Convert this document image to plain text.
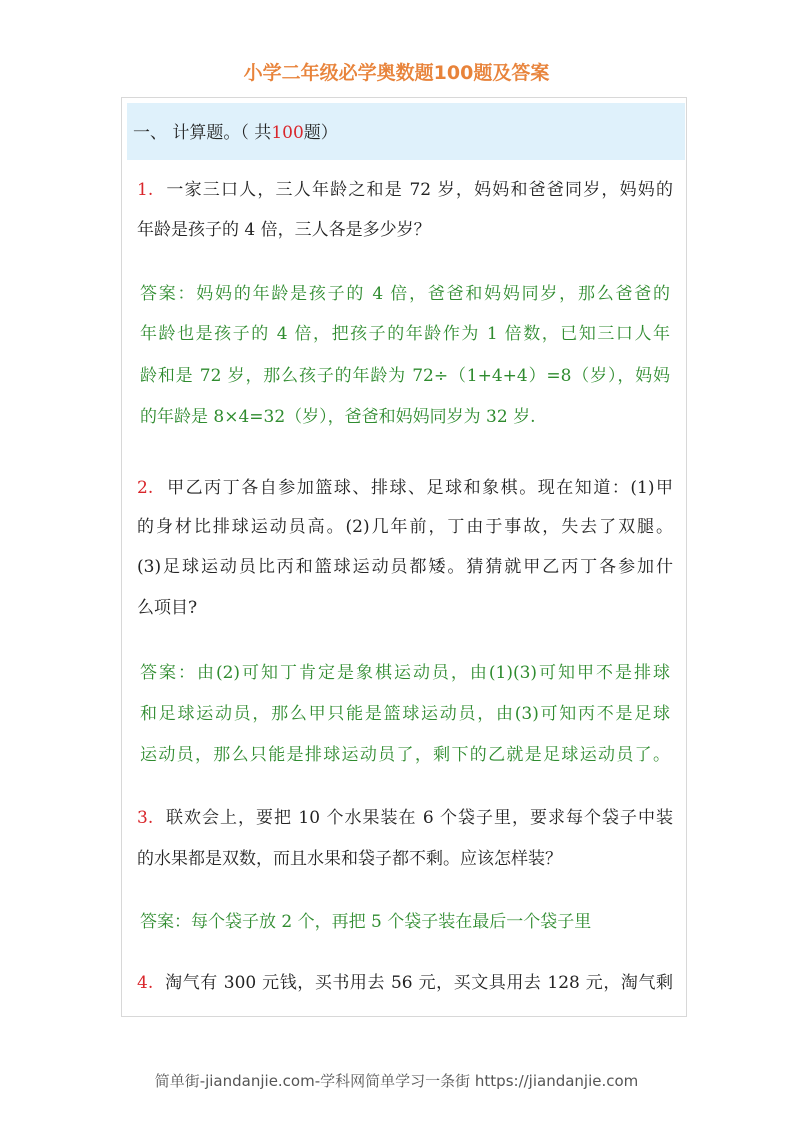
小学二年级必学奥数题100题及答案
一、 计算题。（ 共100题）
1. 一家三口人，三人年龄之和是 72 岁，妈妈和爸爸同岁，妈妈的
年龄是孩子的 4 倍，三人各是多少岁？
答案：妈妈的年龄是孩子的 4 倍，爸爸和妈妈同岁，那么爸爸的
年龄也是孩子的 4 倍，把孩子的年龄作为 1 倍数，已知三口人年
龄和是 72 岁，那么孩子的年龄为 72÷（1+4+4）=8（岁），妈妈
的年龄是 8×4=32（岁），爸爸和妈妈同岁为 32 岁.
2. 甲乙丙丁各自参加篮球、排球、足球和象棋。现在知道：(1)甲
的身材比排球运动员高。(2)几年前，丁由于事故，失去了双腿。
(3)足球运动员比丙和篮球运动员都矮。猜猜就甲乙丙丁各参加什
么项目?
答案：由(2)可知丁肯定是象棋运动员，由(1)(3)可知甲不是排球
和足球运动员，那么甲只能是篮球运动员，由(3)可知丙不是足球
运动员，那么只能是排球运动员了，剩下的乙就是足球运动员了。
3. 联欢会上，要把 10 个水果装在 6 个袋子里，要求每个袋子中装
的水果都是双数，而且水果和袋子都不剩。应该怎样装？
答案：每个袋子放 2 个，再把 5 个袋子装在最后一个袋子里
4. 淘气有 300 元钱，买书用去 56 元，买文具用去 128 元，淘气剩
简单街-jiandanjie.com-学科网简单学习一条街 https://jiandanjie.com
